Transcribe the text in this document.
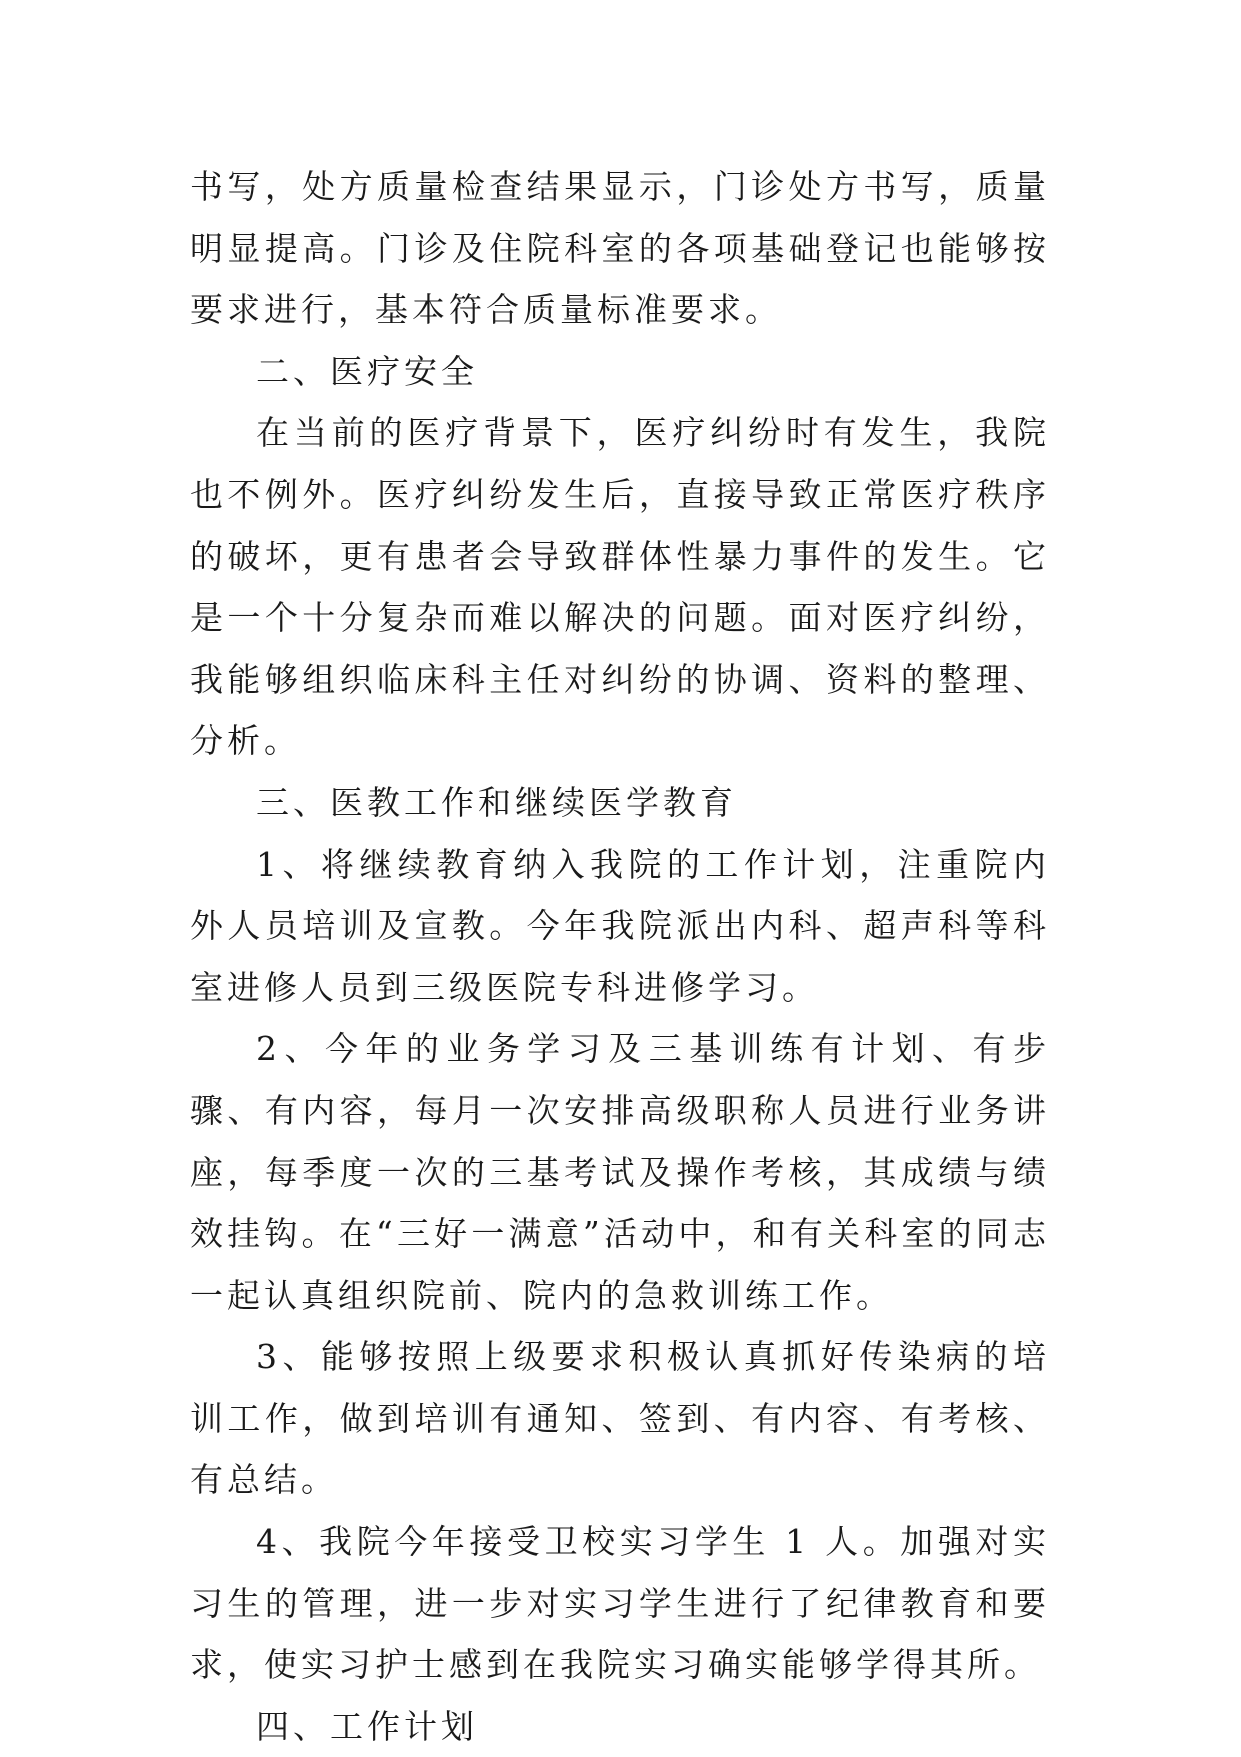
书写，处方质量检查结果显示，门诊处方书写，质量明显提高。门诊及住院科室的各项基础登记也能够按要求进行，基本符合质量标准要求。

二、医疗安全

在当前的医疗背景下，医疗纠纷时有发生，我院也不例外。医疗纠纷发生后，直接导致正常医疗秩序的破坏，更有患者会导致群体性暴力事件的发生。它是一个十分复杂而难以解决的问题。面对医疗纠纷，我能够组织临床科主任对纠纷的协调、资料的整理、分析。

三、医教工作和继续医学教育

1、将继续教育纳入我院的工作计划，注重院内外人员培训及宣教。今年我院派出内科、超声科等科室进修人员到三级医院专科进修学习。

2、今年的业务学习及三基训练有计划、有步骤、有内容，每月一次安排高级职称人员进行业务讲座，每季度一次的三基考试及操作考核，其成绩与绩效挂钩。在“三好一满意”活动中，和有关科室的同志一起认真组织院前、院内的急救训练工作。

3、能够按照上级要求积极认真抓好传染病的培训工作，做到培训有通知、签到、有内容、有考核、有总结。

4、我院今年接受卫校实习学生 1 人。加强对实习生的管理，进一步对实习学生进行了纪律教育和要求，使实习护士感到在我院实习确实能够学得其所。

四、工作计划
